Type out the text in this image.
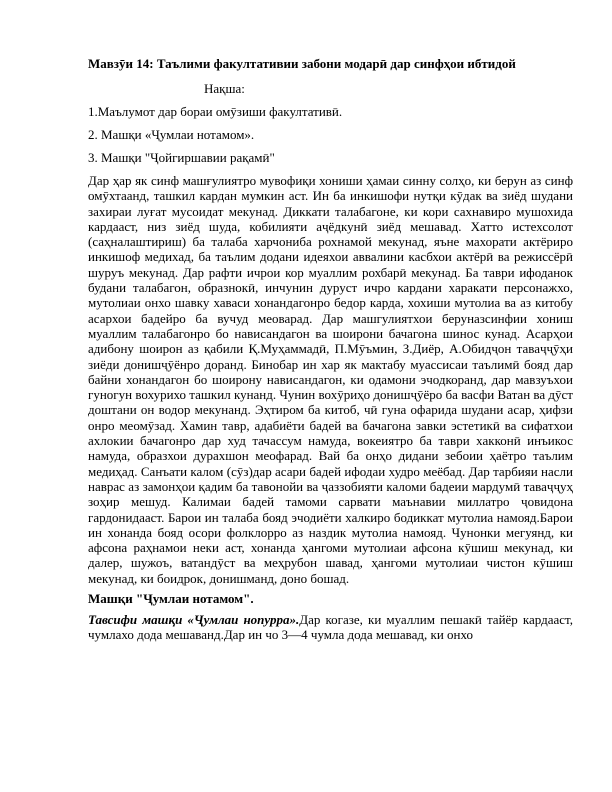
Мавзӯи 14: Таълими факултативии забони модарӣ дар синфҳои ибтидой
Нақша:
1.Маълумот дар бораи омӯзиши факултативӣ.
2. Машқи «Ҷумлаи нотамом».
3. Машқи "Ҷойгиршавии рақамӣ"

Дар ҳар як синф машғулиятро мувофиқи хониши ҳамаи синну солҳо, ки берун аз синф омӯхтаанд, ташкил кардан мумкин аст. Ин ба инкишофи нутқи кӯдак ва зиёд шудани захираи луғат мусоидат мекунад. Диккати талабагоне, ки кори сахнавиро мушохида кардааст, низ зиёд шуда, кобилияти аҷёдкунӣ зиёд мешавад. Хатто истехсолот (саҳналаштириш) ба талаба харчониба рохнамой мекунад, яъне махорати актёриро инкишоф медихад, ба таълим додани идеяхои аввалини касбхои актёрӣ ва режиссёрӣ шуруъ мекунад. Дар рафти ичрои кор муаллим рохбарӣ мекунад. Ба таври ифоданок будани талабагон, образнокӣ, инчунин дуруст ичро кардани харакати персонажхо, мутолиаи онхо шавку хаваси хонандагонро бедор карда, хохиши мутолиа ва аз китобу асархои бадейро ба вучуд меоварад. Дар машгулиятхои беруназсинфии хониш муаллим талабагонро бо нависандагон ва шоирони бачагона шинос кунад. Асарҳои адибону шоирон аз қабили Қ.Муҳаммадӣ, П.Мӯъмин, З.Диёр, А.Обидҷон таваҷҷӯҳи зиёди донишҷӯёнро доранд. Бинобар ин хар як мактабу муассисаи таълимӣ бояд дар байни хонандагон бо шоирону нависандагон, ки одамони эчодкоранд, дар мавзуъхои гуногун вохурихо ташкил кунанд. Чунин вохӯриҳо донишҷӯёро ба васфи Ватан ва дӯст доштани он водор мекунанд. Эҳтиром ба китоб, чӣ гуна офарида шудани асар, ҳифзи онро меомӯзад. Хамин тавр, адабиёти бадей ва бачагона завки эстетикӣ ва сифатхои ахлокии бачагонро дар худ тачассум намуда, вокеиятро ба таври хакконӣ инъикос намуда, образхои дурахшон меофарад. Вай ба онҳо дидани зебоии ҳаётро таълим медиҳад. Санъати калом (сӯз)дар асари бадей ифодаи худро меёбад. Дар тарбияи насли наврас аз замонҳои қадим ба тавонойи ва ҷаззобияти каломи бадеии мардумӣ таваҷҷуҳ зоҳир мешуд. Калимаи бадей тамоми сарвати маънавии миллатро ҷовидона гардонидааст. Барои ин талаба бояд эчодиёти халкиро бодиккат мутолиа намояд.Барои ин хонанда бояд осори фолклорро аз наздик мутолиа намояд. Чунонки мегуянд, ки афсона раҳнамои неки аст, хонанда ҳангоми мутолиаи афсона кӯшиш мекунад, ки далер, шужоъ, ватандӯст ва меҳрубон шавад, ҳангоми мутолиаи чистон кӯшиш мекунад, ки боидрок, донишманд, доно бошад.

Машқи "Ҷумлаи нотамом".

Тавсифи машқи «Ҷумлаи нопурра».Дар когазе, ки муаллим пешакӣ тайёр кардааст, чумлахо дода мешаванд.Дар ин чо 3—4 чумла дода мешавад, ки онхо
